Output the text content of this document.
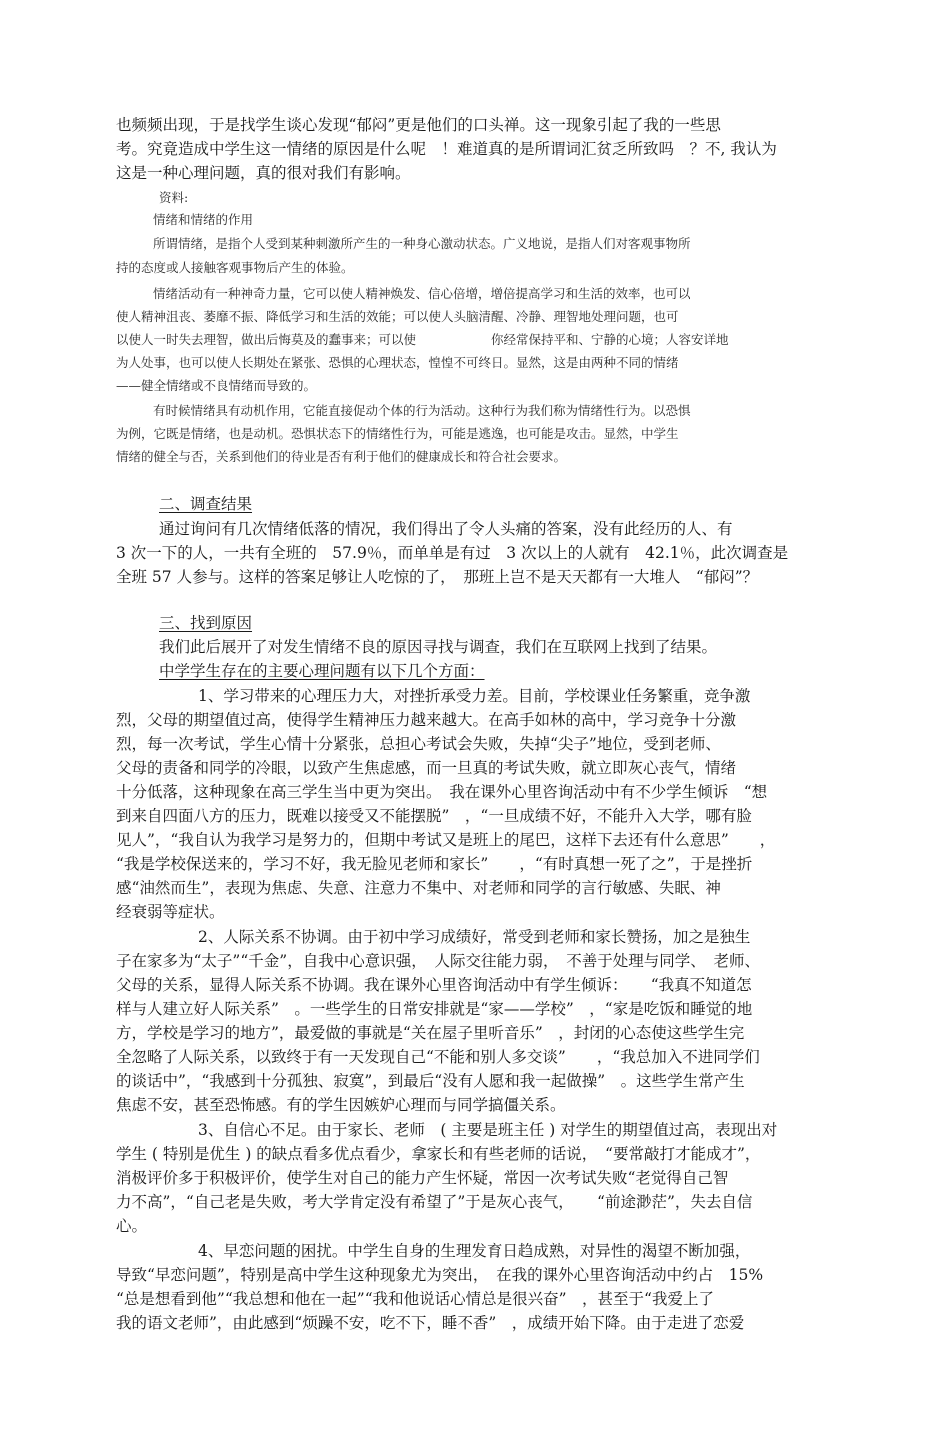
也频频出现，于是找学生谈心发现“郁闷”更是他们的口头禅。这一现象引起了我的一些思
考。究竟造成中学生这一情绪的原因是什么呢　！难道真的是所谓词汇贫乏所致吗　？不, 我认为
这是一种心理问题，真的很对我们有影响。
资料:
情绪和情绪的作用
所谓情绪，是指个人受到某种刺激所产生的一种身心激动状态。广义地说，是指人们对客观事物所
持的态度或人接触客观事物后产生的体验。
情绪活动有一种神奇力量，它可以使人精神焕发、信心倍增，增倍提高学习和生活的效率，也可以
使人精神沮丧、萎靡不振、降低学习和生活的效能；可以使人头脑清醒、冷静、理智地处理问题，也可
以使人一时失去理智，做出后悔莫及的蠢事来；可以使　　　　　　你经常保持平和、宁静的心境；人容安详地
为人处事，也可以使人长期处在紧张、恐惧的心理状态，惶惶不可终日。显然，这是由两种不同的情绪
——健全情绪或不良情绪而导致的。
有时候情绪具有动机作用，它能直接促动个体的行为活动。这种行为我们称为情绪性行为。以恐惧
为例，它既是情绪，也是动机。恐惧状态下的情绪性行为，可能是逃逸，也可能是攻击。显然，中学生
情绪的健全与否，关系到他们的待业是否有利于他们的健康成长和符合社会要求。
二、调查结果
通过询问有几次情绪低落的情况，我们得出了令人头痛的答案，没有此经历的人、有
3 次一下的人，一共有全班的　57.9％，而单单是有过　3 次以上的人就有　42.1％，此次调查是
全班 57 人参与。这样的答案足够让人吃惊的了，　那班上岂不是天天都有一大堆人　“郁闷”？
三、找到原因
我们此后展开了对发生情绪不良的原因寻找与调查，我们在互联网上找到了结果。
中学学生存在的主要心理问题有以下几个方面：
1、学习带来的心理压力大，对挫折承受力差。目前，学校课业任务繁重，竞争激
烈，父母的期望值过高，使得学生精神压力越来越大。在高手如林的高中，学习竞争十分激
烈，每一次考试，学生心情十分紧张，总担心考试会失败，失掉“尖子”地位，受到老师、
父母的责备和同学的冷眼，以致产生焦虑感，而一旦真的考试失败，就立即灰心丧气，情绪
十分低落，这种现象在高三学生当中更为突出。　我在课外心里咨询活动中有不少学生倾诉　“想
到来自四面八方的压力，既难以接受又不能摆脱”　，“一旦成绩不好，不能升入大学，哪有脸
见人”，“我自认为我学习是努力的，但期中考试又是班上的尾巴，这样下去还有什么意思”　　，
“我是学校保送来的，学习不好，我无脸见老师和家长”　　，“有时真想一死了之”，于是挫折
感“油然而生”，表现为焦虑、失意、注意力不集中、对老师和同学的言行敏感、失眠、神
经衰弱等症状。
2、人际关系不协调。由于初中学习成绩好，常受到老师和家长赞扬，加之是独生
子在家多为“太子”“千金”，自我中心意识强，　人际交往能力弱，　不善于处理与同学、　老师、
父母的关系，显得人际关系不协调。我在课外心里咨询活动中有学生倾诉：　　“我真不知道怎
样与人建立好人际关系”　。一些学生的日常安排就是“家——学校”　，“家是吃饭和睡觉的地
方，学校是学习的地方”，最爱做的事就是“关在屋子里听音乐”　，封闭的心态使这些学生完
全忽略了人际关系，以致终于有一天发现自己“不能和别人多交谈”　　，“我总加入不进同学们
的谈话中”，“我感到十分孤独、寂寞”，到最后“没有人愿和我一起做操”　。这些学生常产生
焦虑不安，甚至恐怖感。有的学生因嫉妒心理而与同学搞僵关系。
3、自信心不足。由于家长、老师　( 主要是班主任 ) 对学生的期望值过高，表现出对
学生 ( 特别是优生 ) 的缺点看多优点看少，拿家长和有些老师的话说，　“要常敲打才能成才”，
消极评价多于积极评价，使学生对自己的能力产生怀疑，常因一次考试失败“老觉得自己智
力不高”，“自己老是失败，考大学肯定没有希望了”于是灰心丧气，　　“前途渺茫”，失去自信
心。
4、早恋问题的困扰。中学生自身的生理发育日趋成熟，对异性的渴望不断加强，
导致“早恋问题”，特别是高中学生这种现象尤为突出，　在我的课外心里咨询活动中约占　15%
“总是想看到他”“我总想和他在一起”“我和他说话心情总是很兴奋”　，甚至于“我爱上了
我的语文老师”，由此感到“烦躁不安，吃不下，睡不香”　，成绩开始下降。由于走进了恋爱
